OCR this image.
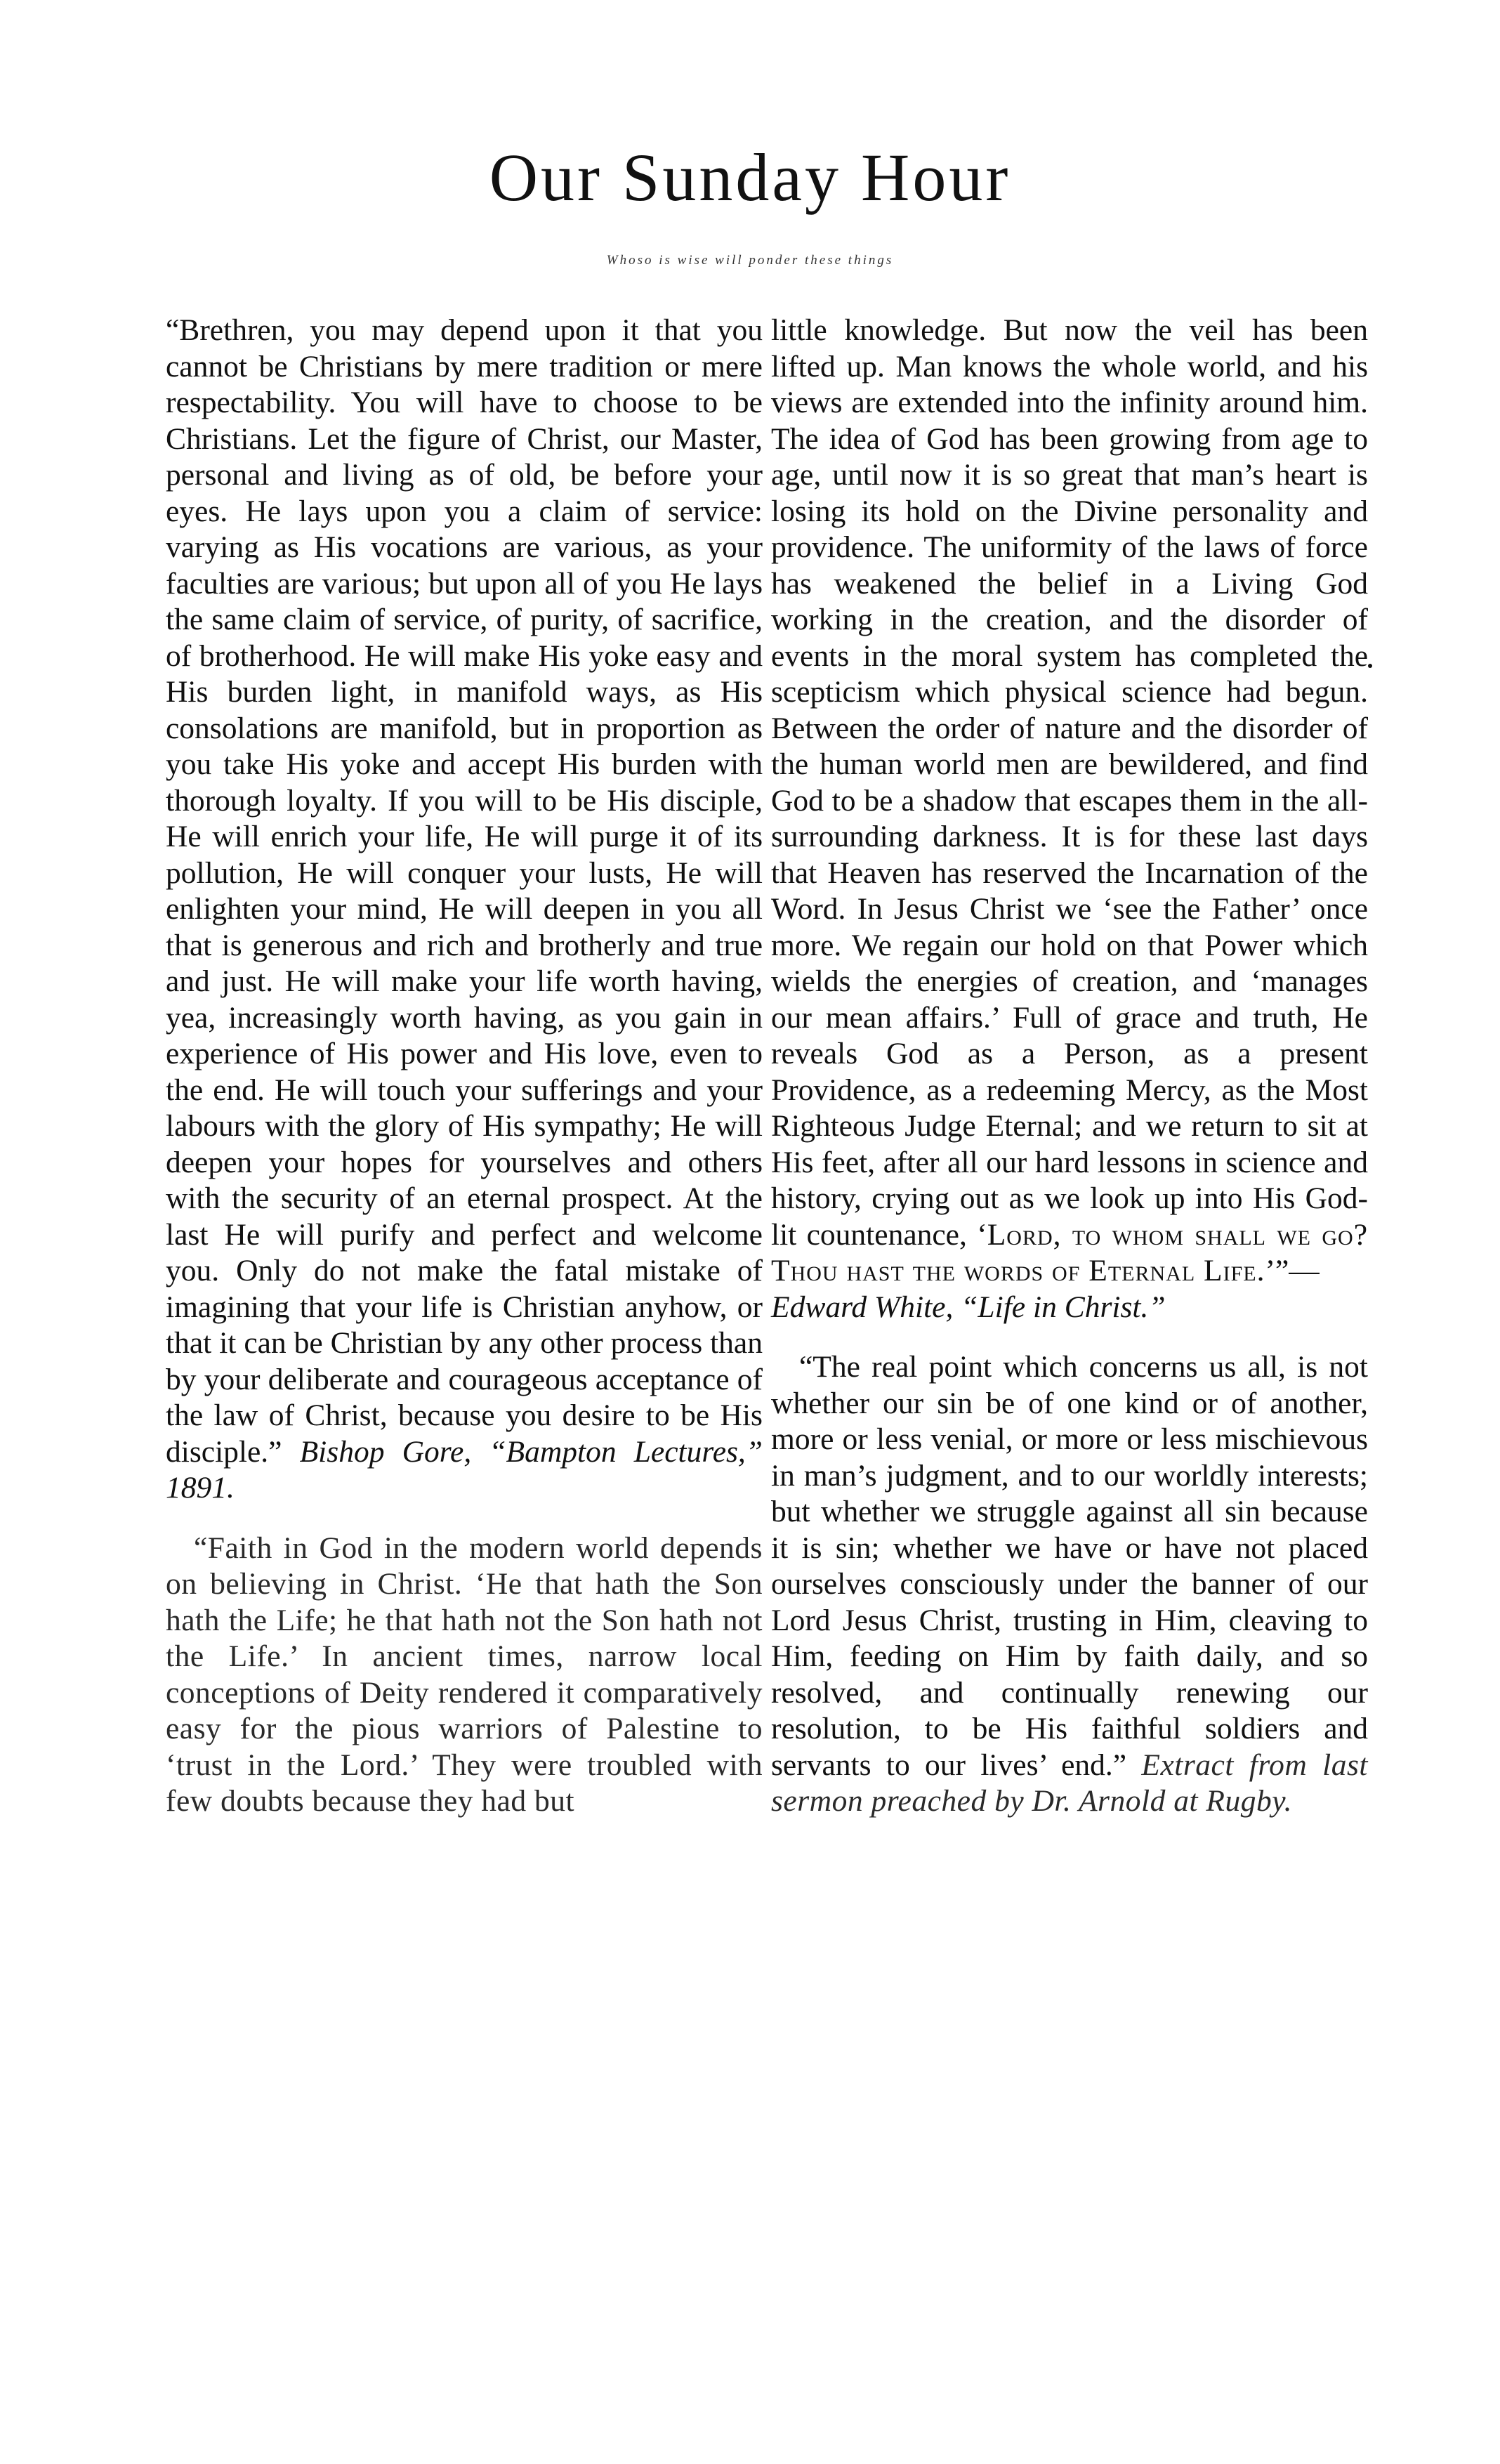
Our Sunday Hour
Whoso is wise will ponder these things

“Brethren, you may depend upon it that you cannot be Christians by mere tradition or mere respectability. You will have to choose to be Christians. Let the figure of Christ, our Master, personal and living as of old, be before your eyes. He lays upon you a claim of service: varying as His vocations are various, as your faculties are various; but upon all of you He lays the same claim of service, of purity, of sacrifice, of brotherhood. He will make His yoke easy and His burden light, in manifold ways, as His consolations are manifold, but in proportion as you take His yoke and accept His burden with thorough loyalty. If you will to be His disciple, He will enrich your life, He will purge it of its pollution, He will conquer your lusts, He will enlighten your mind, He will deepen in you all that is generous and rich and brotherly and true and just. He will make your life worth having, yea, increasingly worth having, as you gain in experience of His power and His love, even to the end. He will touch your sufferings and your labours with the glory of His sympathy; He will deepen your hopes for yourselves and others with the security of an eternal prospect. At the last He will purify and perfect and welcome you. Only do not make the fatal mistake of imagining that your life is Christian anyhow, or that it can be Christian by any other process than by your deliberate and courageous acceptance of the law of Christ, because you desire to be His disciple.” Bishop Gore, “Bampton Lectures,” 1891.

“Faith in God in the modern world depends on believing in Christ. ‘He that hath the Son hath the Life; he that hath not the Son hath not the Life.’ In ancient times, narrow local conceptions of Deity rendered it comparatively easy for the pious warriors of Palestine to ‘trust in the Lord.’ They were troubled with few doubts because they had but

little knowledge. But now the veil has been lifted up. Man knows the whole world, and his views are extended into the infinity around him. The idea of God has been growing from age to age, until now it is so great that man’s heart is losing its hold on the Divine personality and providence. The uniformity of the laws of force has weakened the belief in a Living God working in the creation, and the disorder of events in the moral system has completed the scepticism which physical science had begun. Between the order of nature and the disorder of the human world men are bewildered, and find God to be a shadow that escapes them in the all-surrounding darkness. It is for these last days that Heaven has reserved the Incarnation of the Word. In Jesus Christ we ‘see the Father’ once more. We regain our hold on that Power which wields the energies of creation, and ‘manages our mean affairs.’ Full of grace and truth, He reveals God as a Person, as a present Providence, as a redeeming Mercy, as the Most Righteous Judge Eternal; and we return to sit at His feet, after all our hard lessons in science and history, crying out as we look up into His God-lit countenance, ‘Lord, to whom shall we go? Thou hast the words of Eternal Life.’”—
Edward White, “Life in Christ.”

“The real point which concerns us all, is not whether our sin be of one kind or of another, more or less venial, or more or less mischievous in man’s judgment, and to our worldly interests; but whether we struggle against all sin because it is sin; whether we have or have not placed ourselves consciously under the banner of our Lord Jesus Christ, trusting in Him, cleaving to Him, feeding on Him by faith daily, and so resolved, and continually renewing our resolution, to be His faithful soldiers and servants to our lives’ end.” Extract from last sermon preached by Dr. Arnold at Rugby.
